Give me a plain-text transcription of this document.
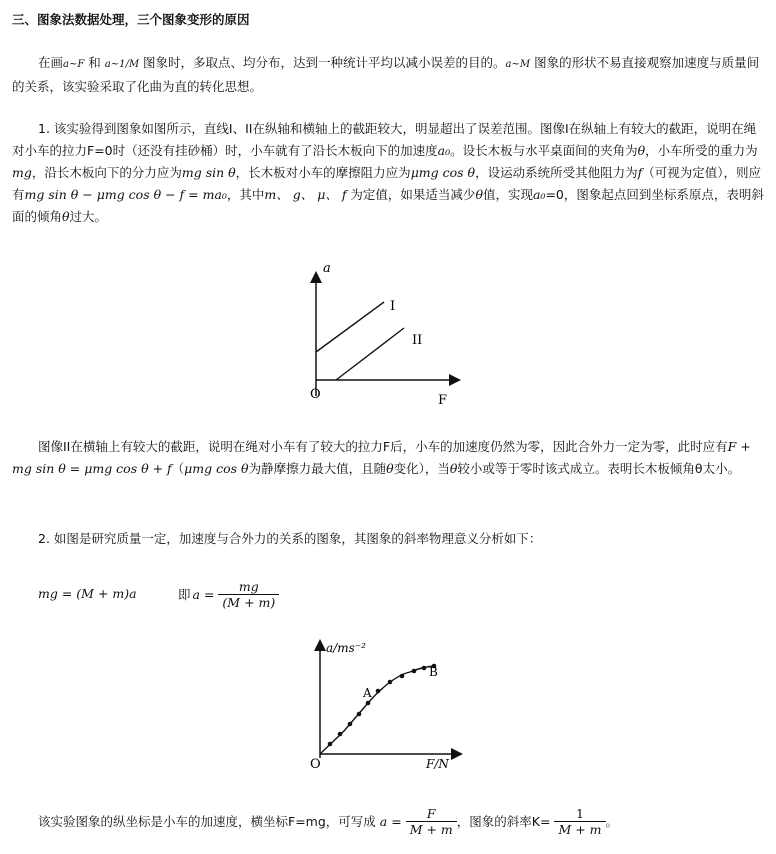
三、图象法数据处理，三个图象变形的原因

在画a~F 和 a~1/M 图象时，多取点、均分布，达到一种统计平均以减小误差的目的。a~M 图象的形状不易直接观察加速度与质量间的关系，该实验采取了化曲为直的转化思想。

1. 该实验得到图象如图所示，直线I、II在纵轴和横轴上的截距较大，明显超出了误差范围。图像I在纵轴上有较大的截距，说明在绳对小车的拉力F=0时（还没有挂砂桶）时，小车就有了沿长木板向下的加速度a₀。设长木板与水平桌面间的夹角为θ，小车所受的重力为mg，沿长木板向下的分力应为mg sin θ，长木板对小车的摩擦阻力应为μmg cos θ，设运动系统所受其他阻力为f（可视为定值），则应有mg sin θ − μmg cos θ − f = ma₀，其中m、 g、 μ、 f 为定值，如果适当减少θ值，实现a₀=0，图象起点回到坐标系原点，表明斜面的倾角θ过大。

a
F
O
I
II

图像II在横轴上有较大的截距，说明在绳对小车有了较大的拉力F后，小车的加速度仍然为零，因此合外力一定为零，此时应有F + mg sin θ = μmg cos θ + f（μmg cos θ为静摩擦力最大值，且随θ变化），当θ较小或等于零时该式成立。表明长木板倾角θ太小。

2. 如图是研究质量一定，加速度与合外力的关系的图象，其图象的斜率物理意义分析如下：

mg = (M + m)a	即 $a = \frac{mg}{(M + m)}$
a/ms⁻²
F/N
O
A
B
该实验图象的纵坐标是小车的加速度，横坐标F=mg，可写成 $a = \frac{F}{M + m}$ ，图象的斜率$K= \frac{1}{M + m}$ 。
